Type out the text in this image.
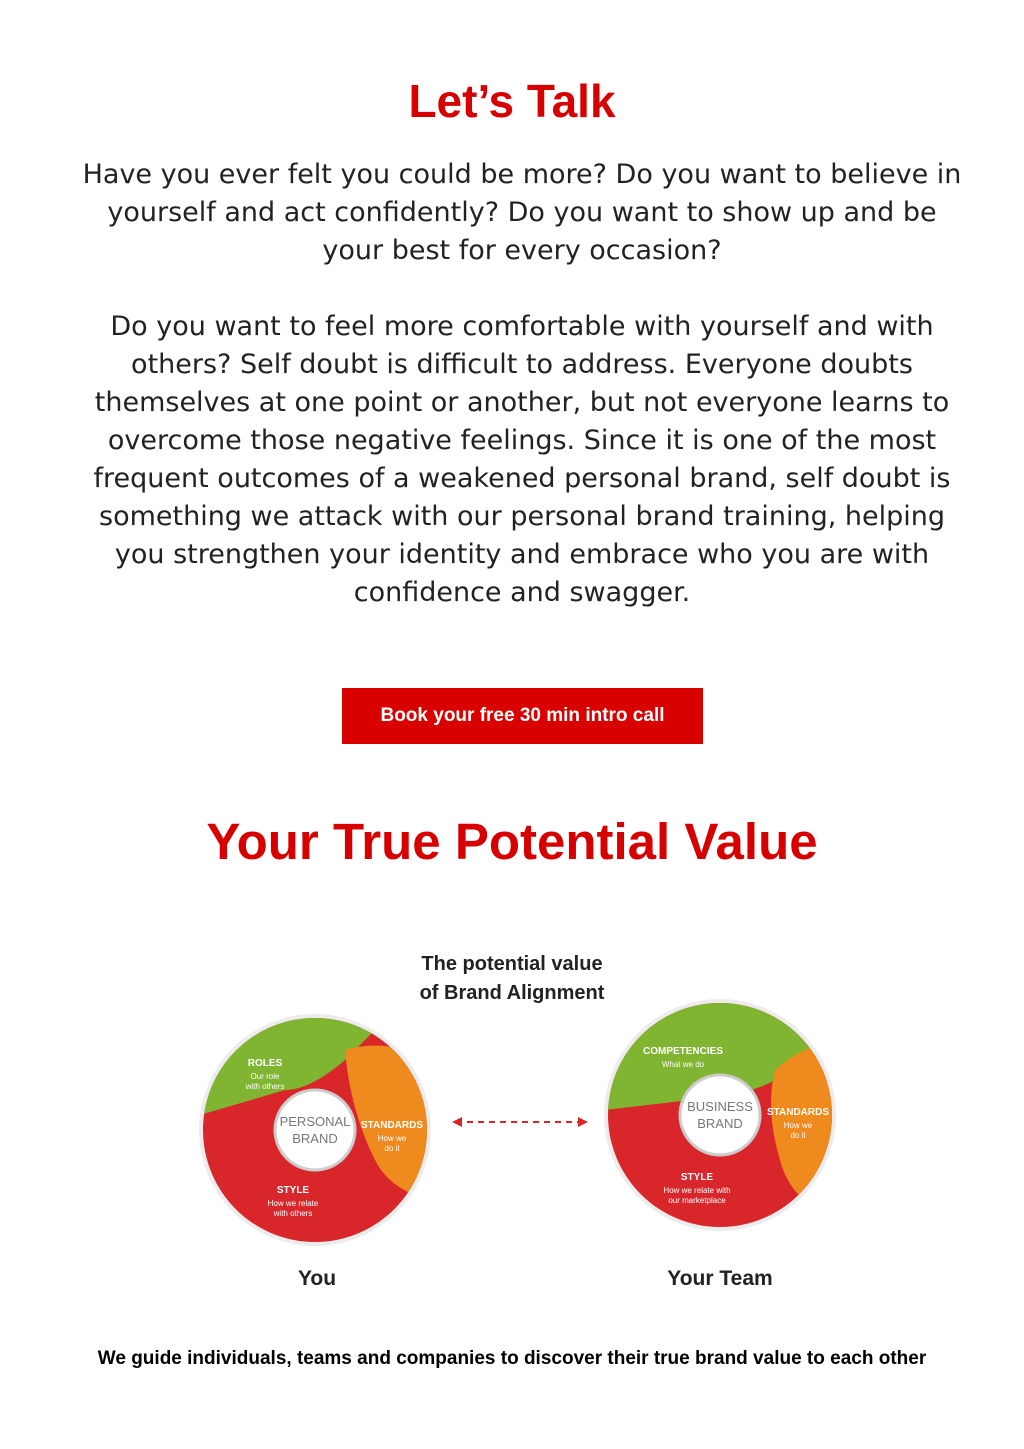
Let’s Talk

Have you ever felt you could be more? Do you want to believe in yourself and act confidently? Do you want to show up and be your best for every occasion?

Do you want to feel more comfortable with yourself and with others? Self doubt is difficult to address. Everyone doubts themselves at one point or another, but not everyone learns to overcome those negative feelings. Since it is one of the most frequent outcomes of a weakened personal brand, self doubt is something we attack with our personal brand training, helping you strengthen your identity and embrace who you are with confidence and swagger.

Book your free 30 min intro call
Your True Potential Value
The potential value
of Brand Alignment
PERSONAL
BRAND
ROLES
Our role
with others
STANDARDS
How we
do it
STYLE
How we relate
with others
You
BUSINESS
BRAND
COMPETENCIES
What we do
STANDARDS
How we
do it
STYLE
How we relate with
our marketplace
Your Team

We guide individuals, teams and companies to discover their true brand value to each other
